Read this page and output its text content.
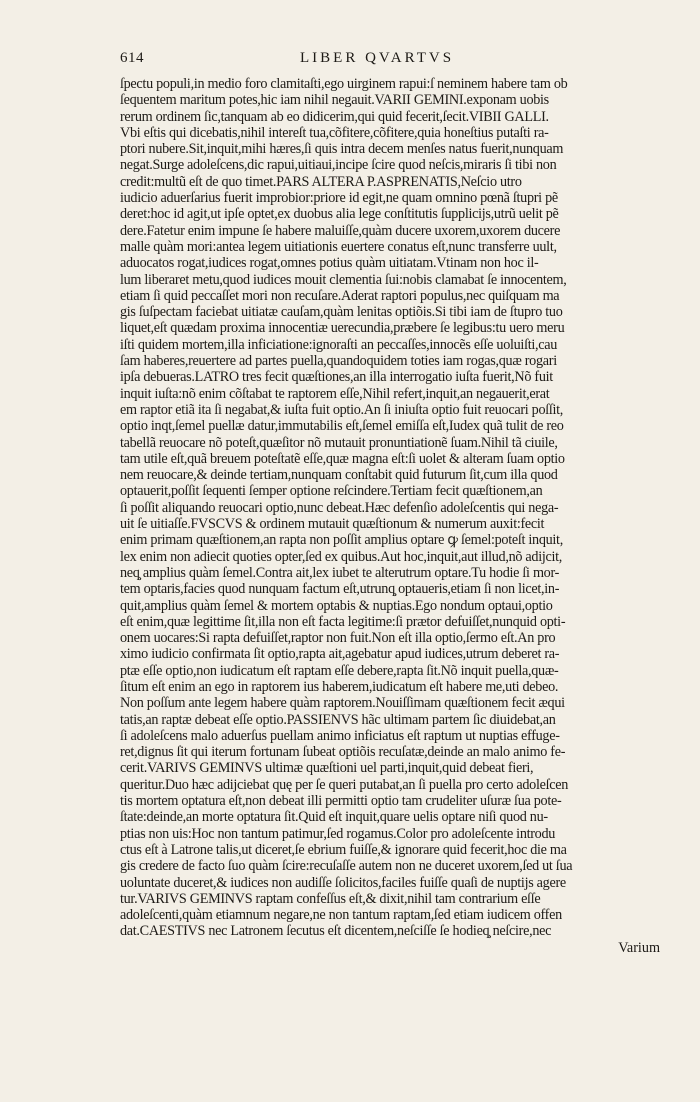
614	LIBER QVARTVS
ſpectu populi,in medio foro clamitaſti,ego uirginem rapui:ſ neminem habere tam ob
ſequentem maritum potes,hic iam nihil negauit.VARII GEMINI.exponam uobis
rerum ordinem ſic,tanquam ab eo didicerim,qui quid fecerit,ſecit.VIBII GALLI.
Vbi eſtis qui dicebatis,nihil intereſt tua,cõfitere,cõfitere,quia honeſtius putaſti ra-
ptori nubere.Sit,inquit,mihi hæres,ſi quis intra decem menſes natus fuerit,nunquam
negat.Surge adoleſcens,dic rapui,uitiaui,incipe ſcire quod neſcis,miraris ſi tibi non
credit:multũ eſt de quo timet.PARS ALTERA P.ASPRENATIS,Neſcio utro
iudicio aduerſarius fuerit improbior:priore id egit,ne quam omnino pœnã ſtupri pẽ
deret:hoc id agit,ut ipſe optet,ex duobus alia lege conſtitutis ſupplicijs,utrũ uelit pẽ
dere.Fatetur enim impune ſe habere maluiſſe,quàm ducere uxorem,uxorem ducere
malle quàm mori:antea legem uitiationis euertere conatus eſt,nunc transferre uult,
aduocatos rogat,iudices rogat,omnes potius quàm uitiatam.Vtinam non hoc il-
lum liberaret metu,quod iudices mouit clementia ſui:nobis clamabat ſe innocentem,
etiam ſi quid peccaſſet mori non recuſare.Aderat raptori populus,nec quiſquam ma
gis ſuſpectam faciebat uitiatæ cauſam,quàm lenitas optiõis.Si tibi iam de ſtupro tuo
liquet,eſt quædam proxima innocentiæ uerecundia,præbere ſe legibus:tu uero meru
iſti quidem mortem,illa inficiatione:ignoraſti an peccaſſes,innocẽs eſſe uoluiſti,cau
ſam haberes,reuertere ad partes puella,quandoquidem toties iam rogas,quæ rogari
ipſa debueras.LATRO tres fecit quæſtiones,an illa interrogatio iuſta fuerit,Nõ fuit
inquit iuſta:nõ enim cõſtabat te raptorem eſſe,Nihil refert,inquit,an negauerit,erat
em raptor etiã ita ſi negabat,& iuſta fuit optio.An ſi iniuſta optio fuit reuocari poſſit,
optio inqt,ſemel puellæ datur,immutabilis eſt,ſemel emiſſa eſt,Iudex quã tulit de reo
tabellã reuocare nõ poteſt,quæſitor nõ mutauit pronuntiationẽ ſuam.Nihil tã ciuile,
tam utile eſt,quã breuem poteſtatẽ eſſe,quæ magna eſt:ſi uolet & alteram ſuam optio
nem reuocare,& deinde tertiam,nunquam conſtabit quid futurum ſit,cum illa quod
optauerit,poſſit ſequenti ſemper optione reſcindere.Tertiam fecit quæſtionem,an
ſi poſſit aliquando reuocari optio,nunc debeat.Hæc defenſio adoleſcentis qui nega-
uit ſe uitiaſſe.FVSCVS & ordinem mutauit quæſtionum & numerum auxit:fecit
enim primam quæſtionem,an rapta non poſſit amplius optare ꝙ ſemel:poteſt inquit,
lex enim non adiecit quoties opter,ſed ex quibus.Aut hoc,inquit,aut illud,nõ adijcit,
neq̧ amplius quàm ſemel.Contra ait,lex iubet te alterutrum optare.Tu hodie ſi mor-
tem optaris,facies quod nunquam factum eſt,utrunq̧ optaueris,etiam ſi non licet,in-
quit,amplius quàm ſemel & mortem optabis & nuptias.Ego nondum optaui,optio
eſt enim,quæ legittime ſit,illa non eſt facta legitime:ſi prætor defuiſſet,nunquid opti-
onem uocares:Si rapta defuiſſet,raptor non fuit.Non eſt illa optio,ſermo eſt.An pro
ximo iudicio confirmata ſit optio,rapta ait,agebatur apud iudices,utrum deberet ra-
ptæ eſſe optio,non iudicatum eſt raptam eſſe debere,rapta ſit.Nõ inquit puella,quæ-
ſitum eſt enim an ego in raptorem ius haberem,iudicatum eſt habere me,uti debeo.
Non poſſum ante legem habere quàm raptorem.Nouiſſimam quæſtionem fecit æqui
tatis,an raptæ debeat eſſe optio.PASSIENVS hãc ultimam partem ſic diuidebat,an
ſi adoleſcens malo aduerſus puellam animo inficiatus eſt raptum ut nuptias effuge-
ret,dignus ſit qui iterum fortunam ſubeat optiõis recuſatæ,deinde an malo animo fe-
cerit.VARIVS GEMINVS ultimæ quæſtioni uel parti,inquit,quid debeat fieri,
queritur.Duo hæc adijciebat quę per ſe queri putabat,an ſi puella pro certo adoleſcen
tis mortem optatura eſt,non debeat illi permitti optio tam crudeliter uſuræ ſua pote-
ſtate:deinde,an morte optatura ſit.Quid eſt inquit,quare uelis optare niſi quod nu-
ptias non uis:Hoc non tantum patimur,ſed rogamus.Color pro adoleſcente introdu
ctus eſt à Latrone talis,ut diceret,ſe ebrium fuiſſe,& ignorare quid fecerit,hoc die ma
gis credere de facto ſuo quàm ſcire:recuſaſſe autem non ne duceret uxorem,ſed ut ſua
uoluntate duceret,& iudices non audiſſe ſolicitos,faciles fuiſſe quaſi de nuptijs agere
tur.VARIVS GEMINVS raptam confeſſus eſt,& dixit,nihil tam contrarium eſſe
adoleſcenti,quàm etiamnum negare,ne non tantum raptam,ſed etiam iudicem offen
dat.CAESTIVS nec Latronem ſecutus eſt dicentem,neſciſſe ſe hodieq̧ neſcire,nec
Varium
